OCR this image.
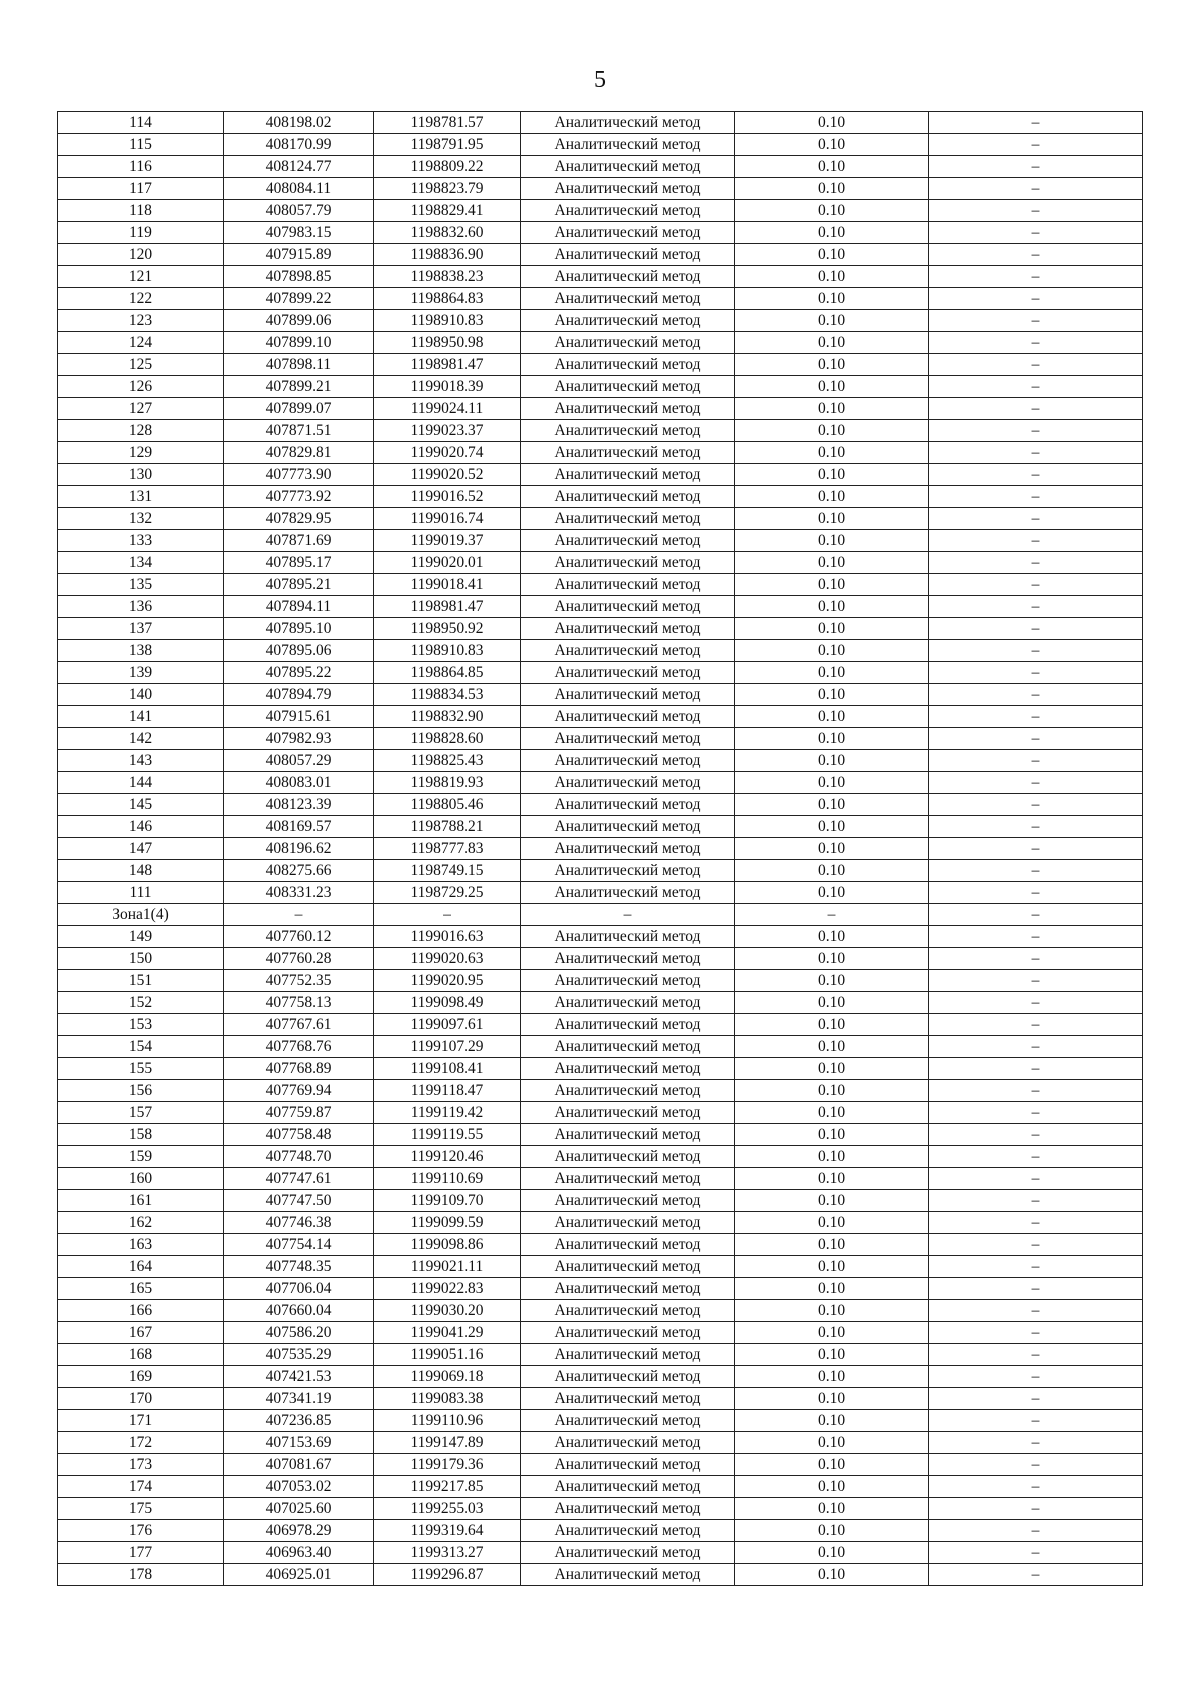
5
114	408198.02	1198781.57	Аналитический метод	0.10	–
115	408170.99	1198791.95	Аналитический метод	0.10	–
116	408124.77	1198809.22	Аналитический метод	0.10	–
117	408084.11	1198823.79	Аналитический метод	0.10	–
118	408057.79	1198829.41	Аналитический метод	0.10	–
119	407983.15	1198832.60	Аналитический метод	0.10	–
120	407915.89	1198836.90	Аналитический метод	0.10	–
121	407898.85	1198838.23	Аналитический метод	0.10	–
122	407899.22	1198864.83	Аналитический метод	0.10	–
123	407899.06	1198910.83	Аналитический метод	0.10	–
124	407899.10	1198950.98	Аналитический метод	0.10	–
125	407898.11	1198981.47	Аналитический метод	0.10	–
126	407899.21	1199018.39	Аналитический метод	0.10	–
127	407899.07	1199024.11	Аналитический метод	0.10	–
128	407871.51	1199023.37	Аналитический метод	0.10	–
129	407829.81	1199020.74	Аналитический метод	0.10	–
130	407773.90	1199020.52	Аналитический метод	0.10	–
131	407773.92	1199016.52	Аналитический метод	0.10	–
132	407829.95	1199016.74	Аналитический метод	0.10	–
133	407871.69	1199019.37	Аналитический метод	0.10	–
134	407895.17	1199020.01	Аналитический метод	0.10	–
135	407895.21	1199018.41	Аналитический метод	0.10	–
136	407894.11	1198981.47	Аналитический метод	0.10	–
137	407895.10	1198950.92	Аналитический метод	0.10	–
138	407895.06	1198910.83	Аналитический метод	0.10	–
139	407895.22	1198864.85	Аналитический метод	0.10	–
140	407894.79	1198834.53	Аналитический метод	0.10	–
141	407915.61	1198832.90	Аналитический метод	0.10	–
142	407982.93	1198828.60	Аналитический метод	0.10	–
143	408057.29	1198825.43	Аналитический метод	0.10	–
144	408083.01	1198819.93	Аналитический метод	0.10	–
145	408123.39	1198805.46	Аналитический метод	0.10	–
146	408169.57	1198788.21	Аналитический метод	0.10	–
147	408196.62	1198777.83	Аналитический метод	0.10	–
148	408275.66	1198749.15	Аналитический метод	0.10	–
111	408331.23	1198729.25	Аналитический метод	0.10	–
Зона1(4)	–	–	–	–	–
149	407760.12	1199016.63	Аналитический метод	0.10	–
150	407760.28	1199020.63	Аналитический метод	0.10	–
151	407752.35	1199020.95	Аналитический метод	0.10	–
152	407758.13	1199098.49	Аналитический метод	0.10	–
153	407767.61	1199097.61	Аналитический метод	0.10	–
154	407768.76	1199107.29	Аналитический метод	0.10	–
155	407768.89	1199108.41	Аналитический метод	0.10	–
156	407769.94	1199118.47	Аналитический метод	0.10	–
157	407759.87	1199119.42	Аналитический метод	0.10	–
158	407758.48	1199119.55	Аналитический метод	0.10	–
159	407748.70	1199120.46	Аналитический метод	0.10	–
160	407747.61	1199110.69	Аналитический метод	0.10	–
161	407747.50	1199109.70	Аналитический метод	0.10	–
162	407746.38	1199099.59	Аналитический метод	0.10	–
163	407754.14	1199098.86	Аналитический метод	0.10	–
164	407748.35	1199021.11	Аналитический метод	0.10	–
165	407706.04	1199022.83	Аналитический метод	0.10	–
166	407660.04	1199030.20	Аналитический метод	0.10	–
167	407586.20	1199041.29	Аналитический метод	0.10	–
168	407535.29	1199051.16	Аналитический метод	0.10	–
169	407421.53	1199069.18	Аналитический метод	0.10	–
170	407341.19	1199083.38	Аналитический метод	0.10	–
171	407236.85	1199110.96	Аналитический метод	0.10	–
172	407153.69	1199147.89	Аналитический метод	0.10	–
173	407081.67	1199179.36	Аналитический метод	0.10	–
174	407053.02	1199217.85	Аналитический метод	0.10	–
175	407025.60	1199255.03	Аналитический метод	0.10	–
176	406978.29	1199319.64	Аналитический метод	0.10	–
177	406963.40	1199313.27	Аналитический метод	0.10	–
178	406925.01	1199296.87	Аналитический метод	0.10	–
